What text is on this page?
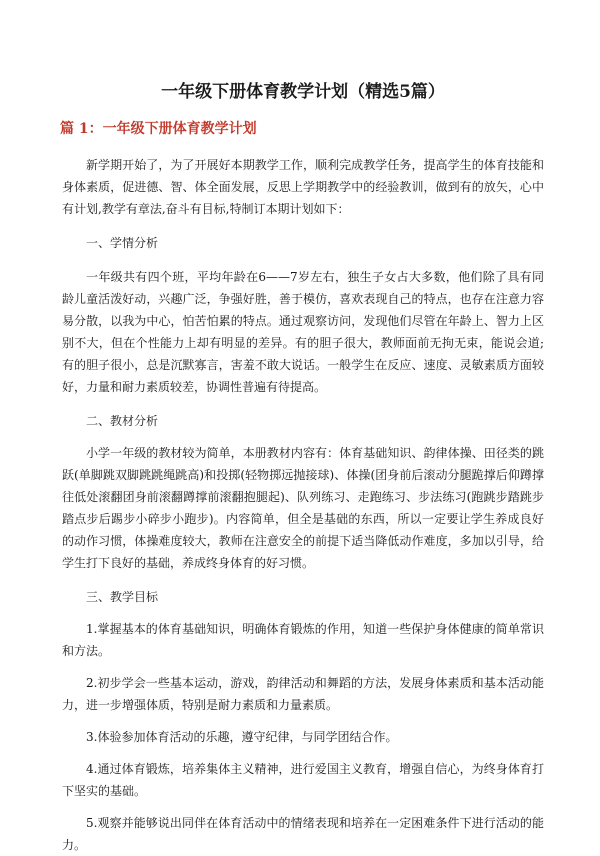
一年级下册体育教学计划（精选5篇）
篇 1：一年级下册体育教学计划

新学期开始了，为了开展好本期教学工作，顺利完成教学任务，提高学生的体育技能和身体素质，促进德、智、体全面发展，反思上学期教学中的经验教训，做到有的放矢，心中有计划,教学有章法,奋斗有目标,特制订本期计划如下：

一、学情分析

一年级共有四个班，平均年龄在6——7岁左右，独生子女占大多数，他们除了具有同龄儿童活泼好动，兴趣广泛，争强好胜，善于模仿，喜欢表现自己的特点，也存在注意力容易分散，以我为中心，怕苦怕累的特点。通过观察访问，发现他们尽管在年龄上、智力上区别不大，但在个性能力上却有明显的差异。有的胆子很大，教师面前无拘无束，能说会道;有的胆子很小，总是沉默寡言，害羞不敢大说话。一般学生在反应、速度、灵敏素质方面较好，力量和耐力素质较差，协调性普遍有待提高。

二、教材分析

小学一年级的教材较为简单，本册教材内容有：体育基础知识、韵律体操、田径类的跳跃(单脚跳双脚跳跳绳跳高)和投掷(轻物掷远抛接球)、体操(团身前后滚动分腿跪撑后仰蹲撑往低处滚翻团身前滚翻蹲撑前滚翻抱腿起)、队列练习、走跑练习、步法练习(跑跳步踏跳步踏点步后踢步小碎步小跑步)。内容简单，但全是基础的东西，所以一定要让学生养成良好的动作习惯，体操难度较大，教师在注意安全的前提下适当降低动作难度，多加以引导，给学生打下良好的基础，养成终身体育的好习惯。

三、教学目标

1.掌握基本的体育基础知识，明确体育锻炼的作用，知道一些保护身体健康的简单常识和方法。

2.初步学会一些基本运动，游戏，韵律活动和舞蹈的方法，发展身体素质和基本活动能力，进一步增强体质，特别是耐力素质和力量素质。

3.体验参加体育活动的乐趣，遵守纪律，与同学团结合作。

4.通过体育锻炼，培养集体主义精神，进行爱国主义教育，增强自信心，为终身体育打下坚实的基础。

5.观察并能够说出同伴在体育活动中的情绪表现和培养在一定困难条件下进行活动的能力。
